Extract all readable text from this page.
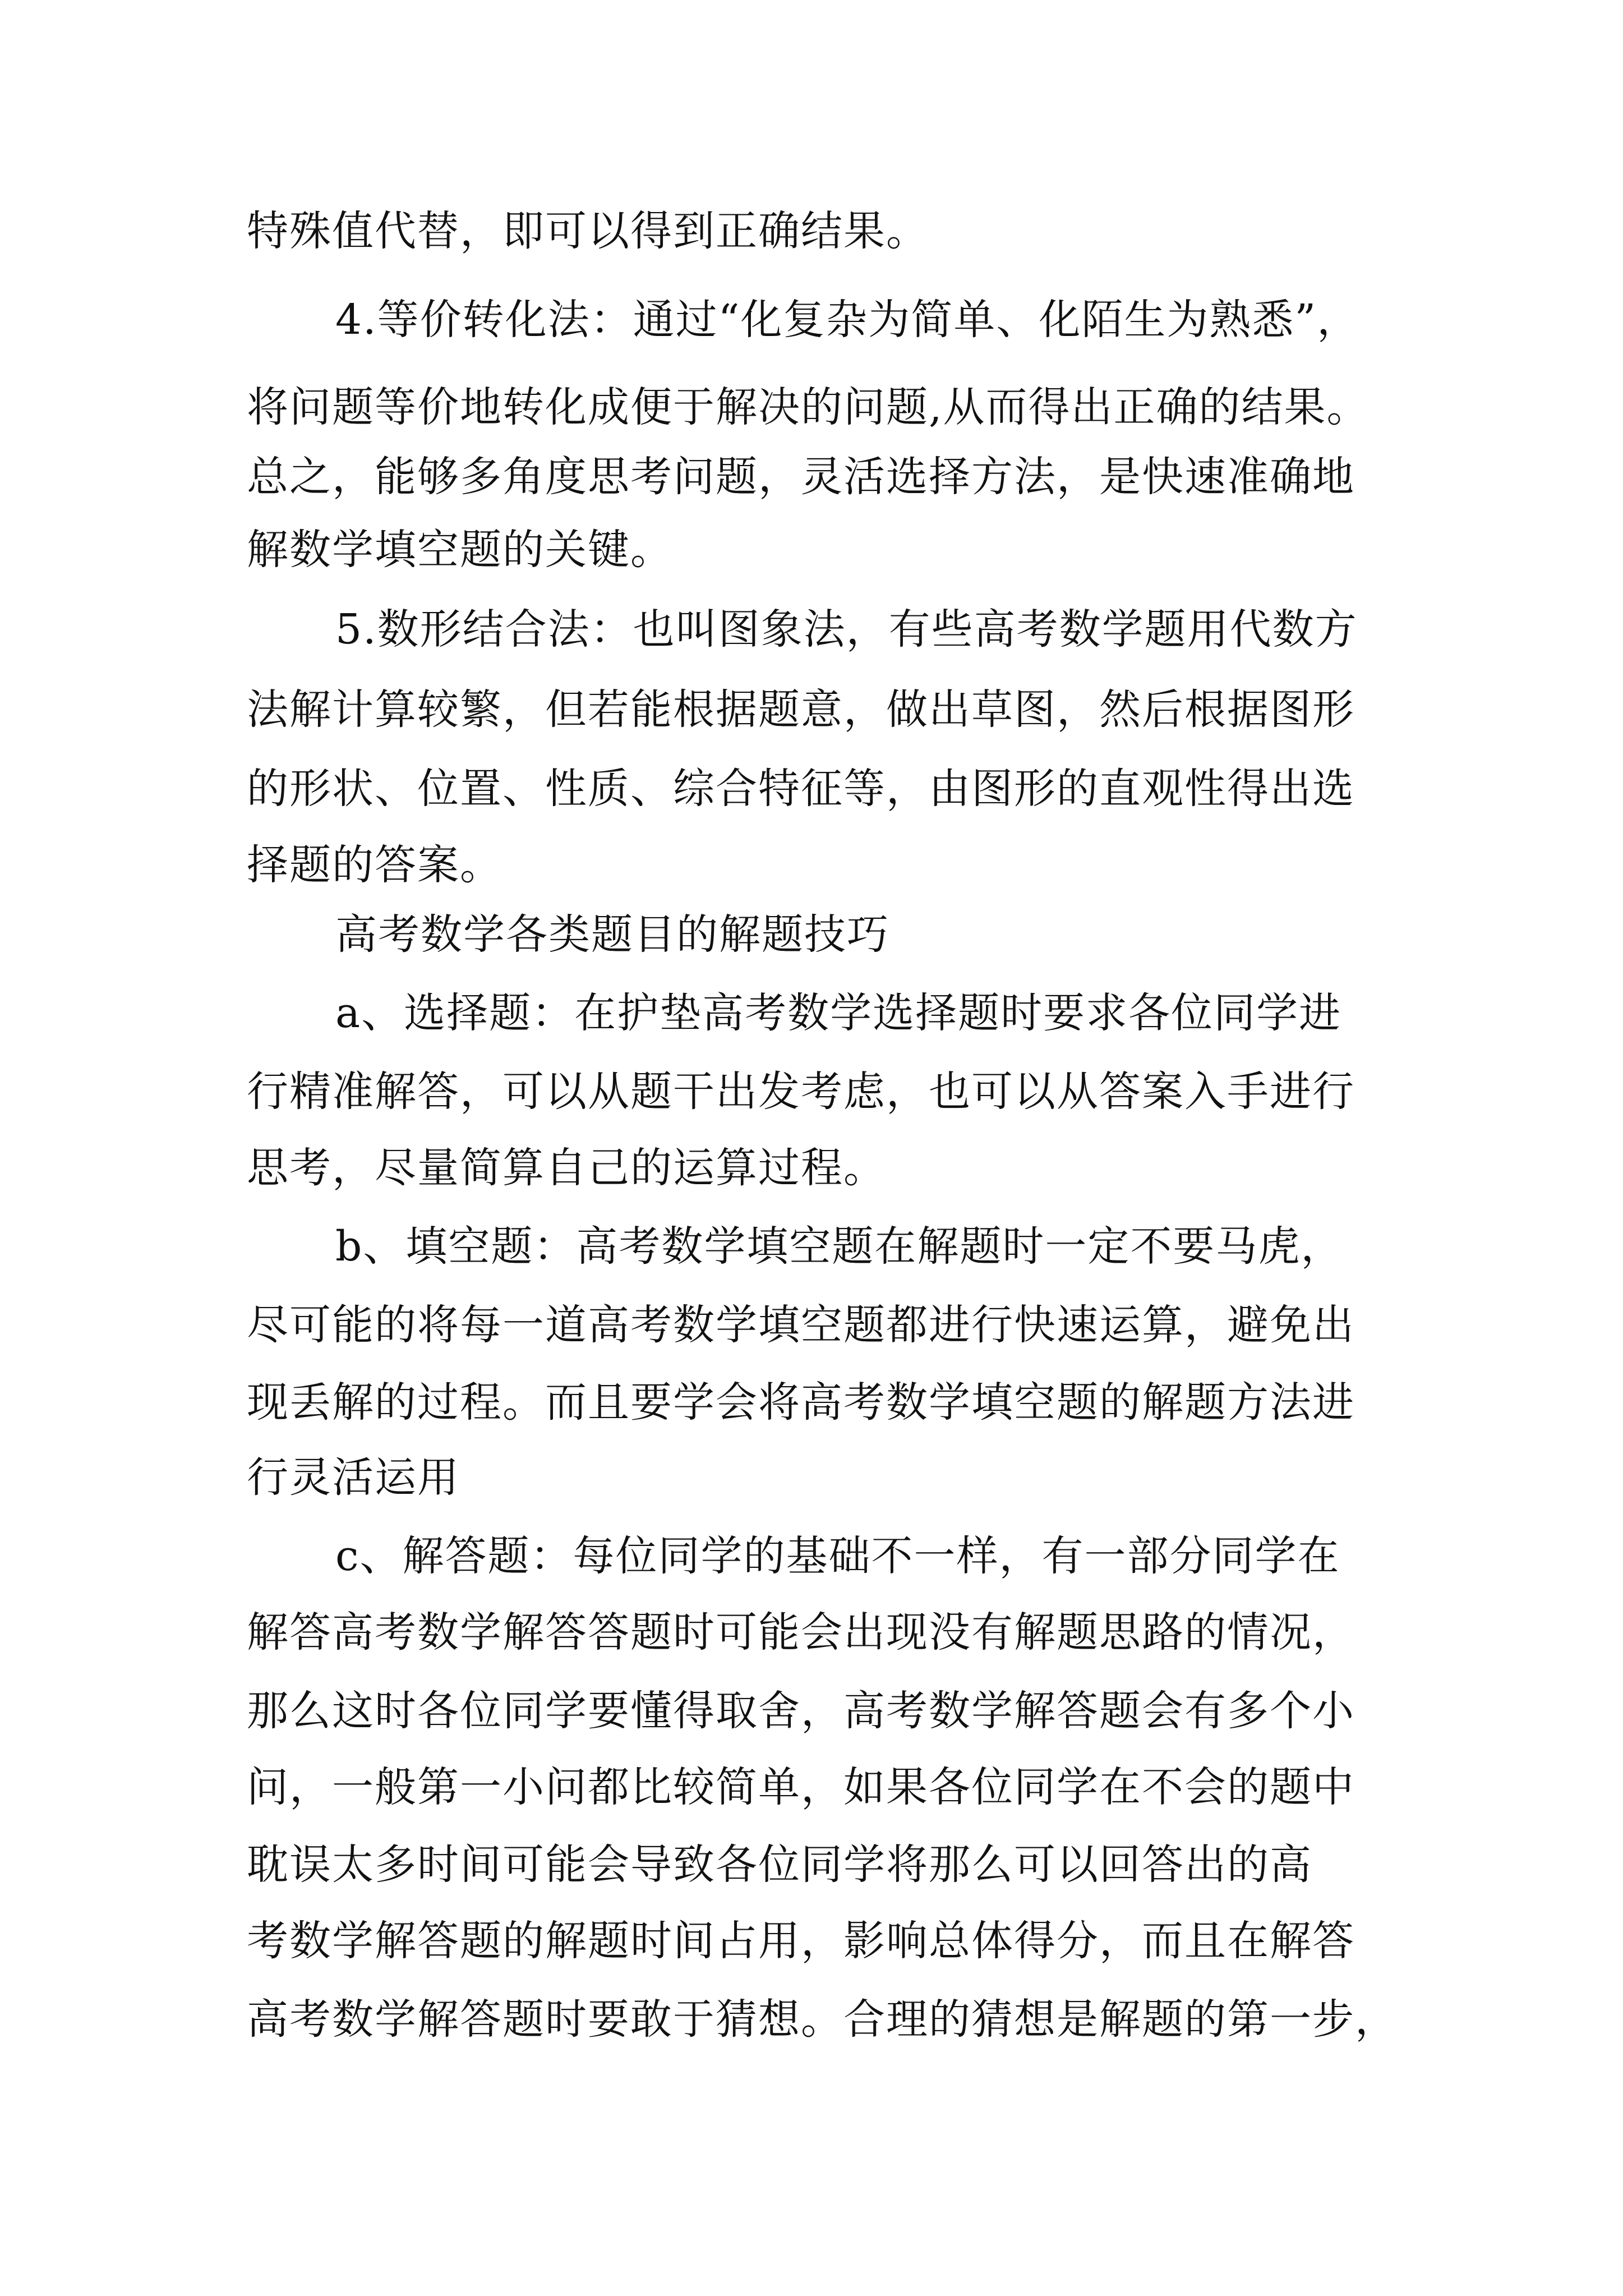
特殊值代替，即可以得到正确结果。
4.等价转化法：通过“化复杂为简单、化陌生为熟悉”，
将问题等价地转化成便于解决的问题,从而得出正确的结果。
总之，能够多角度思考问题，灵活选择方法，是快速准确地
解数学填空题的关键。
5.数形结合法：也叫图象法，有些高考数学题用代数方
法解计算较繁，但若能根据题意，做出草图，然后根据图形
的形状、位置、性质、综合特征等，由图形的直观性得出选
择题的答案。
高考数学各类题目的解题技巧
a、选择题：在护垫高考数学选择题时要求各位同学进
行精准解答，可以从题干出发考虑，也可以从答案入手进行
思考，尽量简算自己的运算过程。
b、填空题：高考数学填空题在解题时一定不要马虎，
尽可能的将每一道高考数学填空题都进行快速运算，避免出
现丢解的过程。而且要学会将高考数学填空题的解题方法进
行灵活运用
c、解答题：每位同学的基础不一样，有一部分同学在
解答高考数学解答答题时可能会出现没有解题思路的情况，
那么这时各位同学要懂得取舍，高考数学解答题会有多个小
问，一般第一小问都比较简单，如果各位同学在不会的题中
耽误太多时间可能会导致各位同学将那么可以回答出的高
考数学解答题的解题时间占用，影响总体得分，而且在解答
高考数学解答题时要敢于猜想。合理的猜想是解题的第一步，
